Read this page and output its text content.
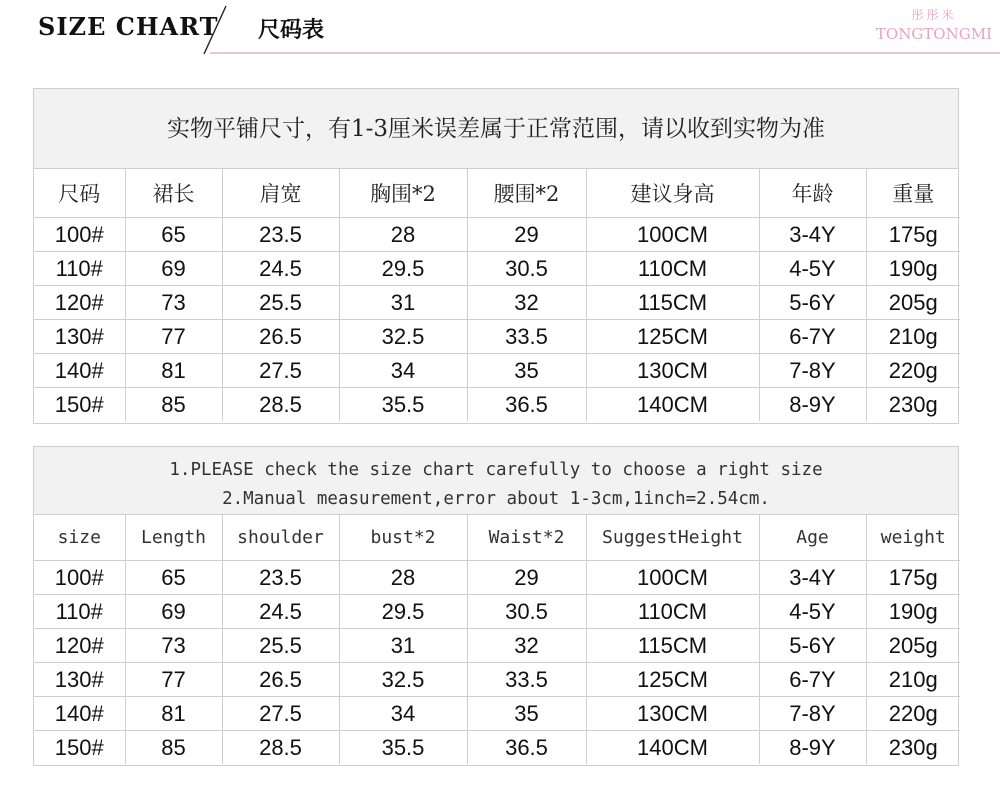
SIZE CHART 尺码表
彤彤米
TONGTONGMI
实物平铺尺寸，有1-3厘米误差属于正常范围，请以收到实物为准
尺码	裙长	肩宽	胸围*2	腰围*2	建议身高	年龄	重量
100#	65	23.5	28	29	100CM	3-4Y	175g
110#	69	24.5	29.5	30.5	110CM	4-5Y	190g
120#	73	25.5	31	32	115CM	5-6Y	205g
130#	77	26.5	32.5	33.5	125CM	6-7Y	210g
140#	81	27.5	34	35	130CM	7-8Y	220g
150#	85	28.5	35.5	36.5	140CM	8-9Y	230g
1.PLEASE check the size chart carefully to choose a right size
2.Manual measurement,error about 1-3cm,1inch=2.54cm.
size	Length	shoulder	bust*2	Waist*2	SuggestHeight	Age	weight
100#	65	23.5	28	29	100CM	3-4Y	175g
110#	69	24.5	29.5	30.5	110CM	4-5Y	190g
120#	73	25.5	31	32	115CM	5-6Y	205g
130#	77	26.5	32.5	33.5	125CM	6-7Y	210g
140#	81	27.5	34	35	130CM	7-8Y	220g
150#	85	28.5	35.5	36.5	140CM	8-9Y	230g
